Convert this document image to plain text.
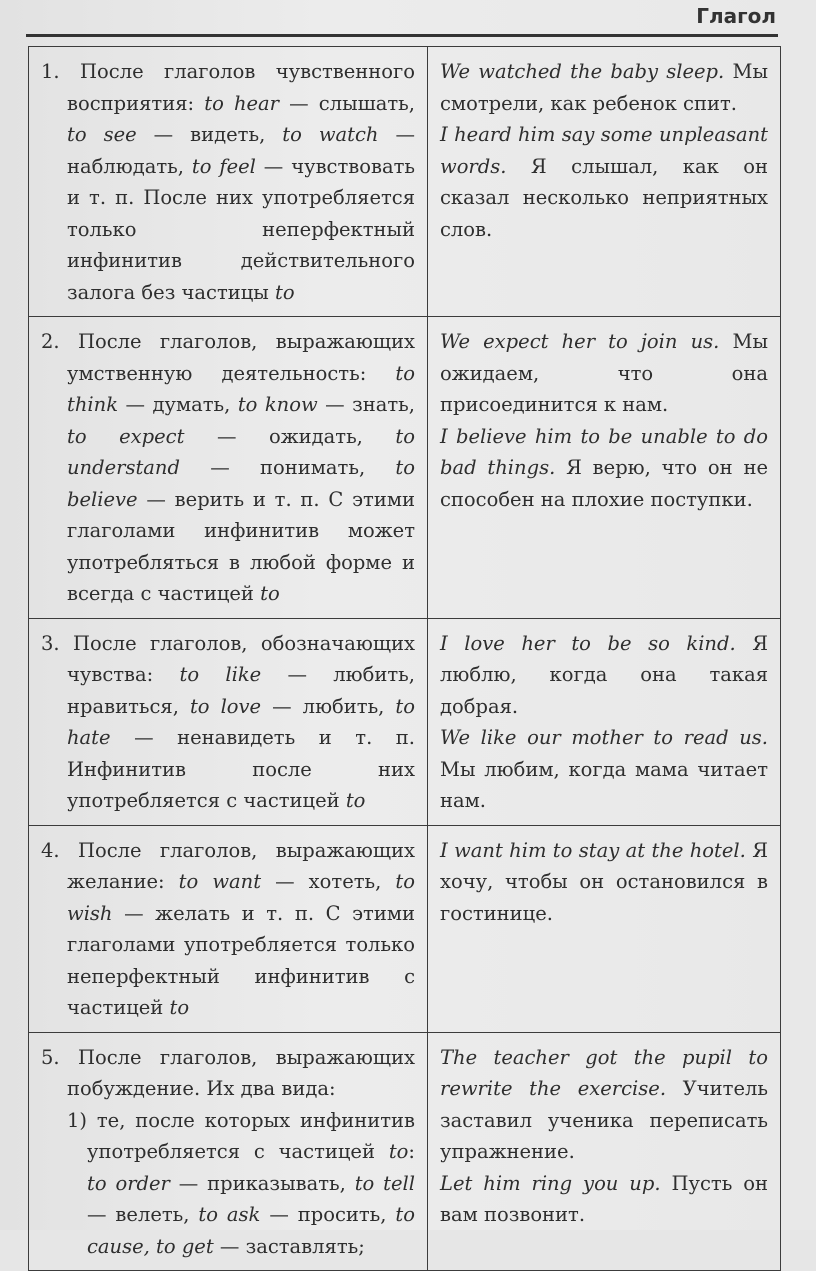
Глагол
1. После глаголов чувственного восприятия: to hear — слышать, to see — видеть, to watch — наблюдать, to feel — чувствовать и т. п. После них употребляется только неперфектный инфинитив действительного залога без частицы to	We watched the baby sleep. Мы смотрели, как ребенок спит.
I heard him say some unpleasant words. Я слышал, как он сказал несколько неприятных слов.

2. После глаголов, выражающих умственную деятельность: to think — думать, to know — знать, to expect — ожидать, to understand — понимать, to believe — верить и т. п. С этими глаголами инфинитив может употребляться в любой форме и всегда с частицей to	We expect her to join us. Мы ожидаем, что она присоединится к нам.
I believe him to be unable to do bad things. Я верю, что он не способен на плохие поступки.

3. После глаголов, обозначающих чувства: to like — любить, нравиться, to love — любить, to hate — ненавидеть и т. п. Инфинитив после них употребляется с частицей to	I love her to be so kind. Я люблю, когда она такая добрая.
We like our mother to read us. Мы любим, когда мама читает нам.

4. После глаголов, выражающих желание: to want — хотеть, to wish — желать и т. п. С этими глаголами употребляется только неперфектный инфинитив с частицей to	I want him to stay at the hotel. Я хочу, чтобы он остановился в гостинице.

5. После глаголов, выражающих побуждение. Их два вида:
1) те, после которых инфинитив употребляется с частицей to: to order — приказывать, to tell — велеть, to ask — просить, to cause, to get — заставлять;	The teacher got the pupil to rewrite the exercise. Учитель заставил ученика переписать упражнение.
Let him ring you up. Пусть он вам позвонит.
